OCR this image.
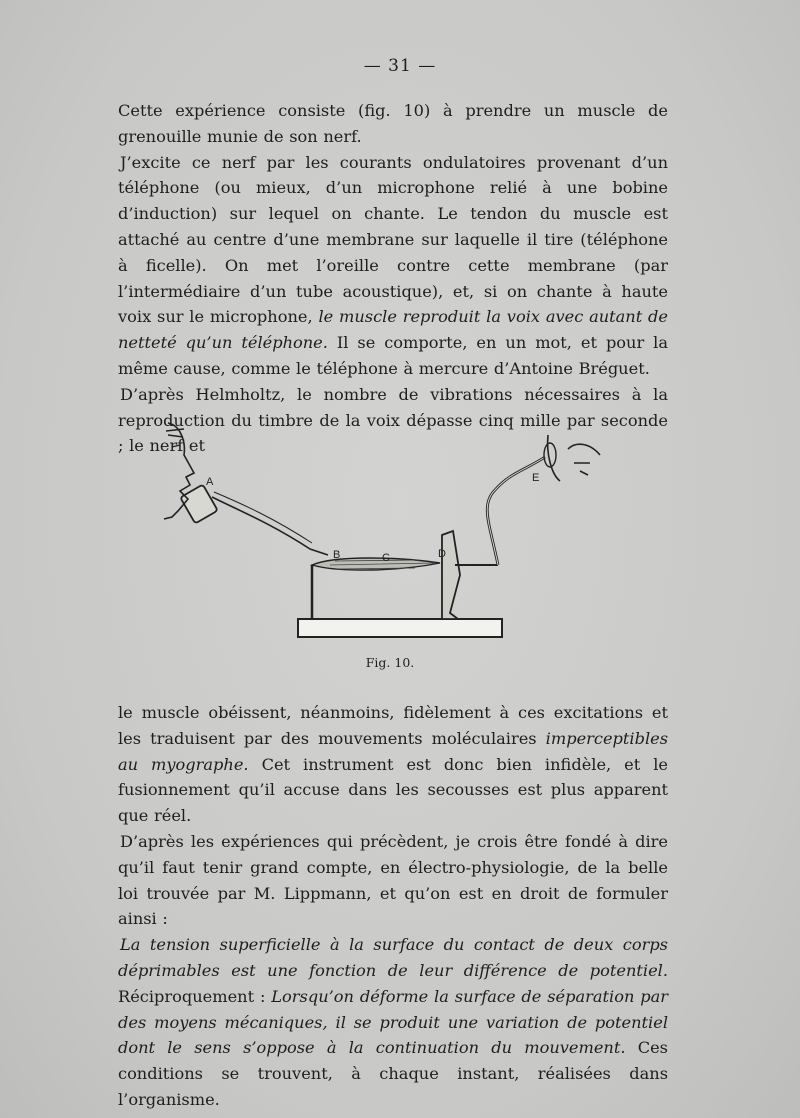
— 31 —

Cette expérience consiste (fig. 10) à prendre un muscle de grenouille munie de son nerf.

J’excite ce nerf par les courants ondulatoires provenant d’un téléphone (ou mieux, d’un microphone relié à une bobine d’induction) sur lequel on chante. Le tendon du muscle est attaché au centre d’une membrane sur laquelle il tire (téléphone à ficelle). On met l’oreille contre cette membrane (par l’intermédiaire d’un tube acoustique), et, si on chante à haute voix sur le microphone, le muscle reproduit la voix avec autant de netteté qu’un téléphone. Il se comporte, en un mot, et pour la même cause, comme le téléphone à mercure d’Antoine Bréguet.

D’après Helmholtz, le nombre de vibrations nécessaires à la reproduction du timbre de la voix dépasse cinq mille par seconde ; le nerf et

A
B	C	D
E
Fig. 10.

le muscle obéissent, néanmoins, fidèlement à ces excitations et les traduisent par des mouvements moléculaires imperceptibles au myographe. Cet instrument est donc bien infidèle, et le fusionnement qu’il accuse dans les secousses est plus apparent que réel.

D’après les expériences qui précèdent, je crois être fondé à dire qu’il faut tenir grand compte, en électro-physiologie, de la belle loi trouvée par M. Lippmann, et qu’on est en droit de formuler ainsi :

La tension superficielle à la surface du contact de deux corps déprimables est une fonction de leur différence de potentiel. Réciproquement : Lorsqu’on déforme la surface de séparation par des moyens mécaniques, il se produit une variation de potentiel dont le sens s’oppose à la continuation du mouvement. Ces conditions se trouvent, à chaque instant, réalisées dans l’organisme.
